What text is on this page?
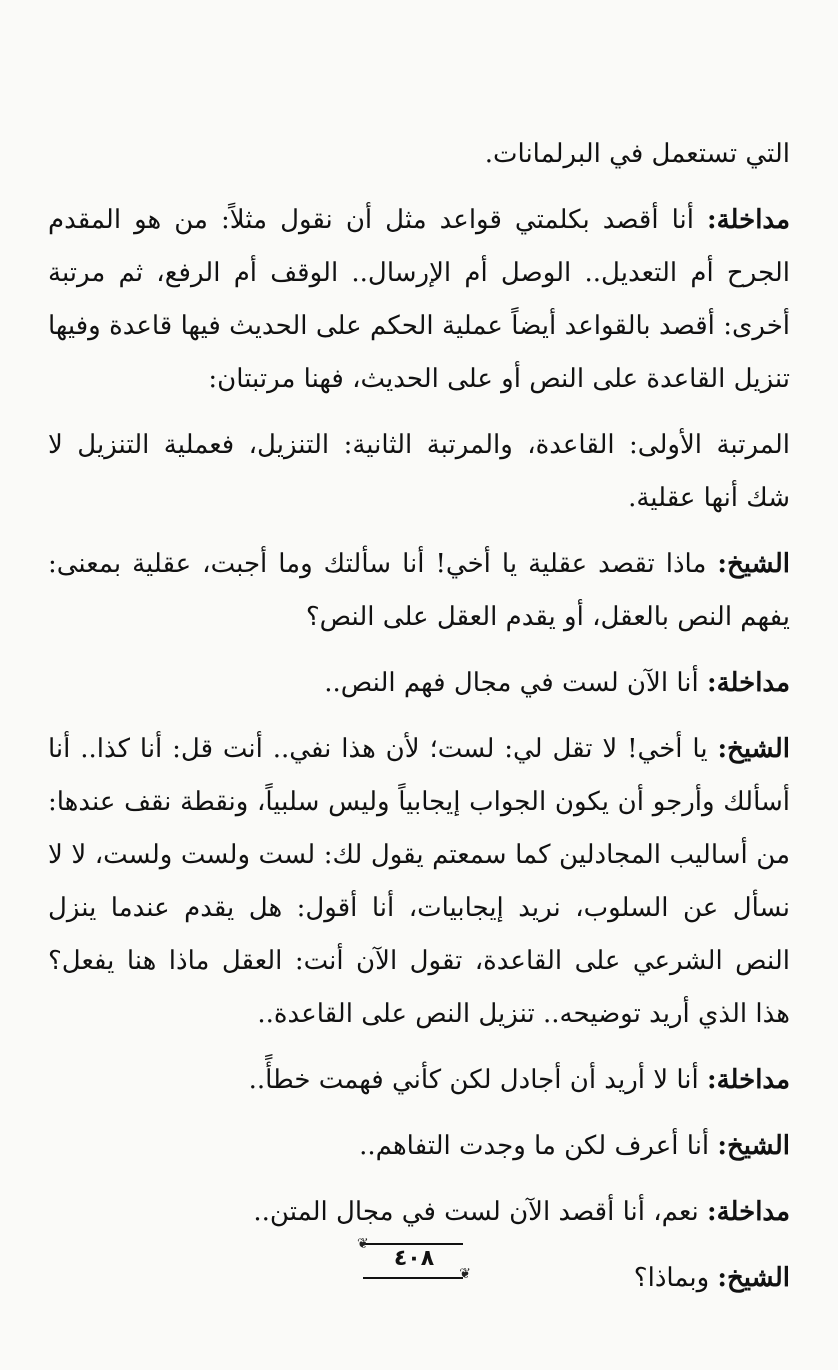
التي تستعمل في البرلمانات.

مداخلة: أنا أقصد بكلمتي قواعد مثل أن نقول مثلاً: من هو المقدم الجرح أم التعديل.. الوصل أم الإرسال.. الوقف أم الرفع، ثم مرتبة أخرى: أقصد بالقواعد أيضاً عملية الحكم على الحديث فيها قاعدة وفيها تنزيل القاعدة على النص أو على الحديث، فهنا مرتبتان:

المرتبة الأولى: القاعدة، والمرتبة الثانية: التنزيل، فعملية التنزيل لا شك أنها عقلية.

الشيخ: ماذا تقصد عقلية يا أخي! أنا سألتك وما أجبت، عقلية بمعنى: يفهم النص بالعقل، أو يقدم العقل على النص؟

مداخلة: أنا الآن لست في مجال فهم النص..

الشيخ: يا أخي! لا تقل لي: لست؛ لأن هذا نفي.. أنت قل: أنا كذا.. أنا أسألك وأرجو أن يكون الجواب إيجابياً وليس سلبياً، ونقطة نقف عندها: من أساليب المجادلين كما سمعتم يقول لك: لست ولست ولست، لا لا نسأل عن السلوب، نريد إيجابيات، أنا أقول: هل يقدم عندما ينزل النص الشرعي على القاعدة، تقول الآن أنت: العقل ماذا هنا يفعل؟ هذا الذي أريد توضيحه.. تنزيل النص على القاعدة..

مداخلة: أنا لا أريد أن أجادل لكن كأني فهمت خطأً..

الشيخ: أنا أعرف لكن ما وجدت التفاهم..

مداخلة: نعم، أنا أقصد الآن لست في مجال المتن..

الشيخ: وبماذا؟

❦
❦
٤٠٨
